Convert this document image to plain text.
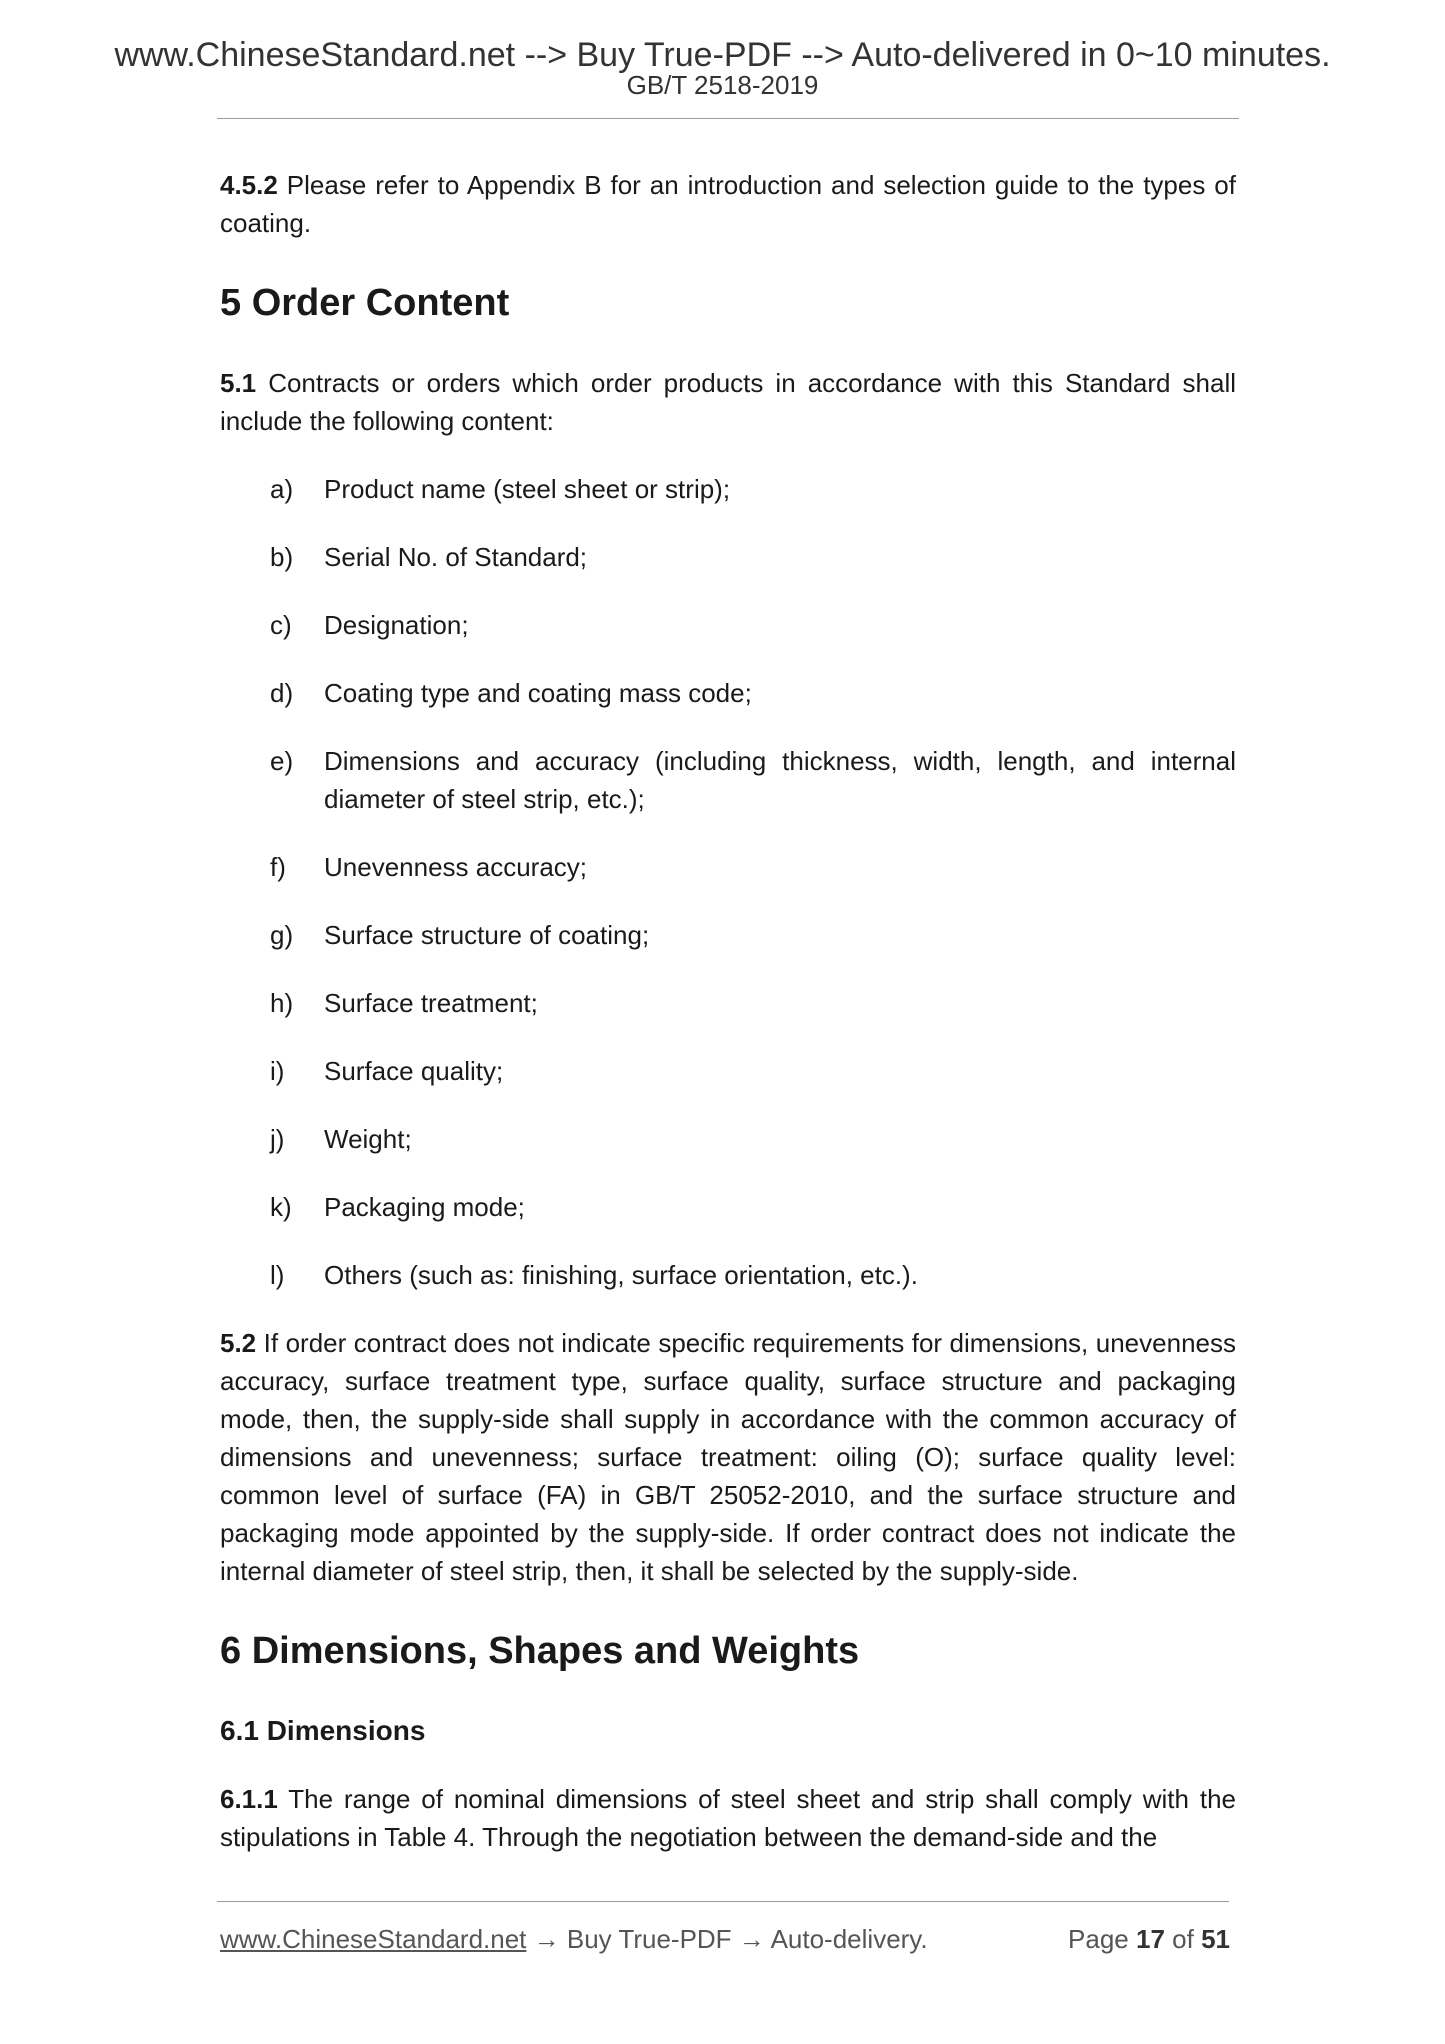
www.ChineseStandard.net --> Buy True-PDF --> Auto-delivered in 0~10 minutes.
GB/T 2518-2019

4.5.2 Please refer to Appendix B for an introduction and selection guide to the types of coating.

5 Order Content

5.1 Contracts or orders which order products in accordance with this Standard shall include the following content:

a)	Product name (steel sheet or strip);
b)	Serial No. of Standard;
c)	Designation;
d)	Coating type and coating mass code;
e)	Dimensions and accuracy (including thickness, width, length, and internal diameter of steel strip, etc.);
f)	Unevenness accuracy;
g)	Surface structure of coating;
h)	Surface treatment;
i)	Surface quality;
j)	Weight;
k)	Packaging mode;
l)	Others (such as: finishing, surface orientation, etc.).

5.2 If order contract does not indicate specific requirements for dimensions, unevenness accuracy, surface treatment type, surface quality, surface structure and packaging mode, then, the supply-side shall supply in accordance with the common accuracy of dimensions and unevenness; surface treatment: oiling (O); surface quality level: common level of surface (FA) in GB/T 25052-2010, and the surface structure and packaging mode appointed by the supply-side. If order contract does not indicate the internal diameter of steel strip, then, it shall be selected by the supply-side.

6 Dimensions, Shapes and Weights
6.1 Dimensions

6.1.1 The range of nominal dimensions of steel sheet and strip shall comply with the stipulations in Table 4. Through the negotiation between the demand-side and the

www.ChineseStandard.net → Buy True-PDF → Auto-delivery.	Page 17 of 51
